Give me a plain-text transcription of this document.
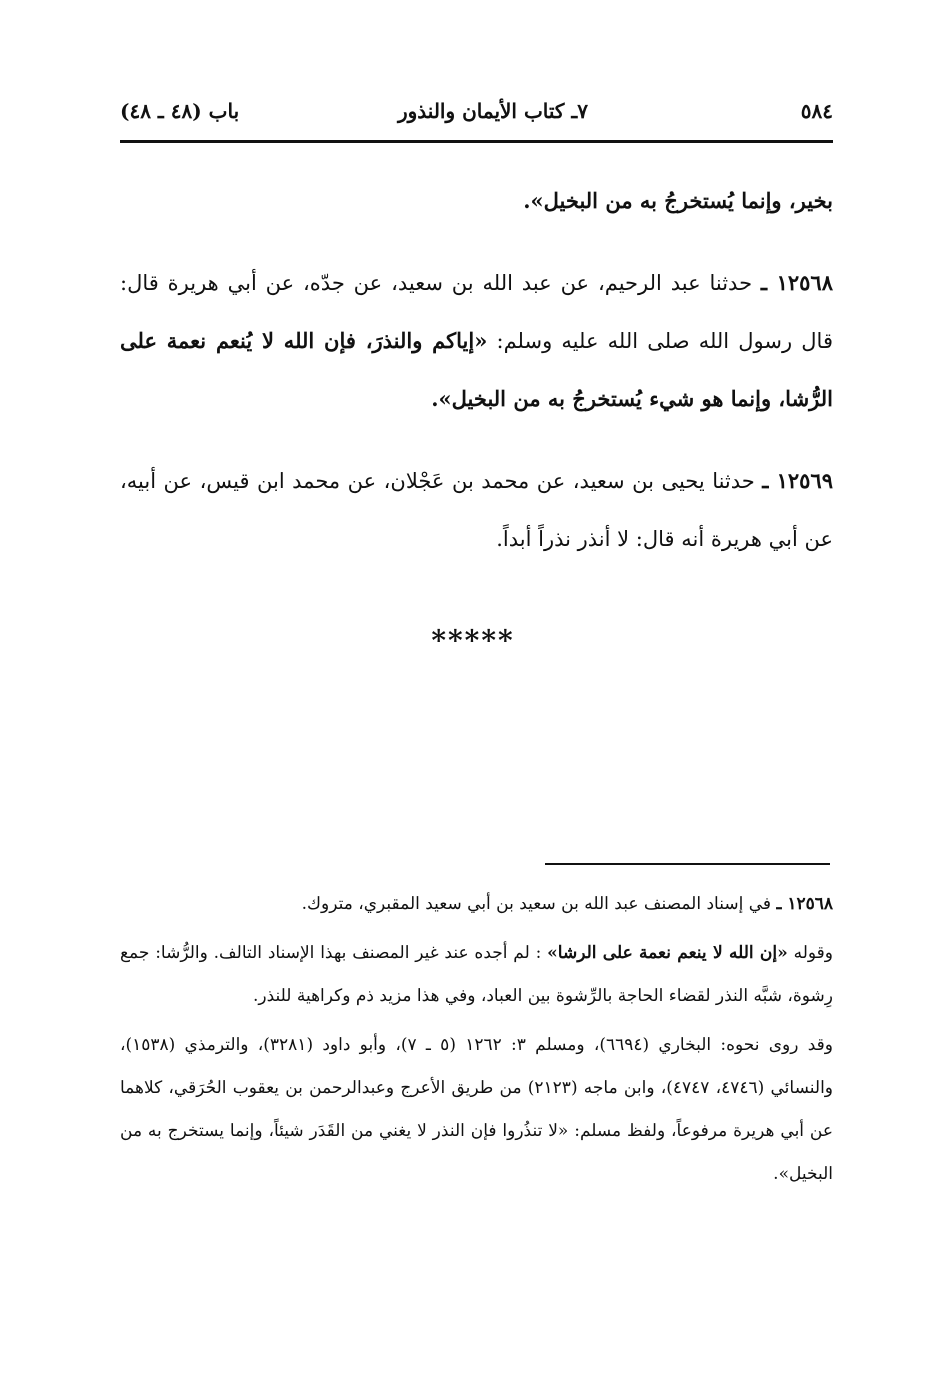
٥٨٤
٧ـ كتاب الأيمان والنذور
باب (٤٨ ـ ٤٨)

بخير، وإنما يُستخرجُ به من البخيل».

١٢٥٦٨ ـ حدثنا عبد الرحيم، عن عبد الله بن سعيد، عن جدّه، عن أبي هريرة قال: قال رسول الله صلى الله عليه وسلم: «إياكم والنذرَ، فإن الله لا يُنعم نعمة على الرُّشا، وإنما هو شيء يُستخرجُ به من البخيل».

١٢٥٦٩ ـ حدثنا يحيى بن سعيد، عن محمد بن عَجْلان، عن محمد ابن قيس، عن أبيه، عن أبي هريرة أنه قال: لا أنذر نذراً أبداً.

*****

١٢٥٦٨ ـ في إسناد المصنف عبد الله بن سعيد بن أبي سعيد المقبري، متروك.

وقوله «إن الله لا ينعم نعمة على الرشا» : لم أجده عند غير المصنف بهذا الإسناد التالف. والرُّشا: جمع رِشوة، شبَّه النذر لقضاء الحاجة بالرِّشوة بين العباد، وفي هذا مزيد ذم وكراهية للنذر.

وقد روى نحوه: البخاري (٦٦٩٤)، ومسلم ٣: ١٢٦٢ (٥ ـ ٧)، وأبو داود (٣٢٨١)، والترمذي (١٥٣٨)، والنسائي (٤٧٤٦، ٤٧٤٧)، وابن ماجه (٢١٢٣) من طريق الأعرج وعبدالرحمن بن يعقوب الحُرَقي، كلاهما عن أبي هريرة مرفوعاً، ولفظ مسلم: «لا تنذُروا فإن النذر لا يغني من القَدَر شيئاً، وإنما يستخرج به من البخيل».
